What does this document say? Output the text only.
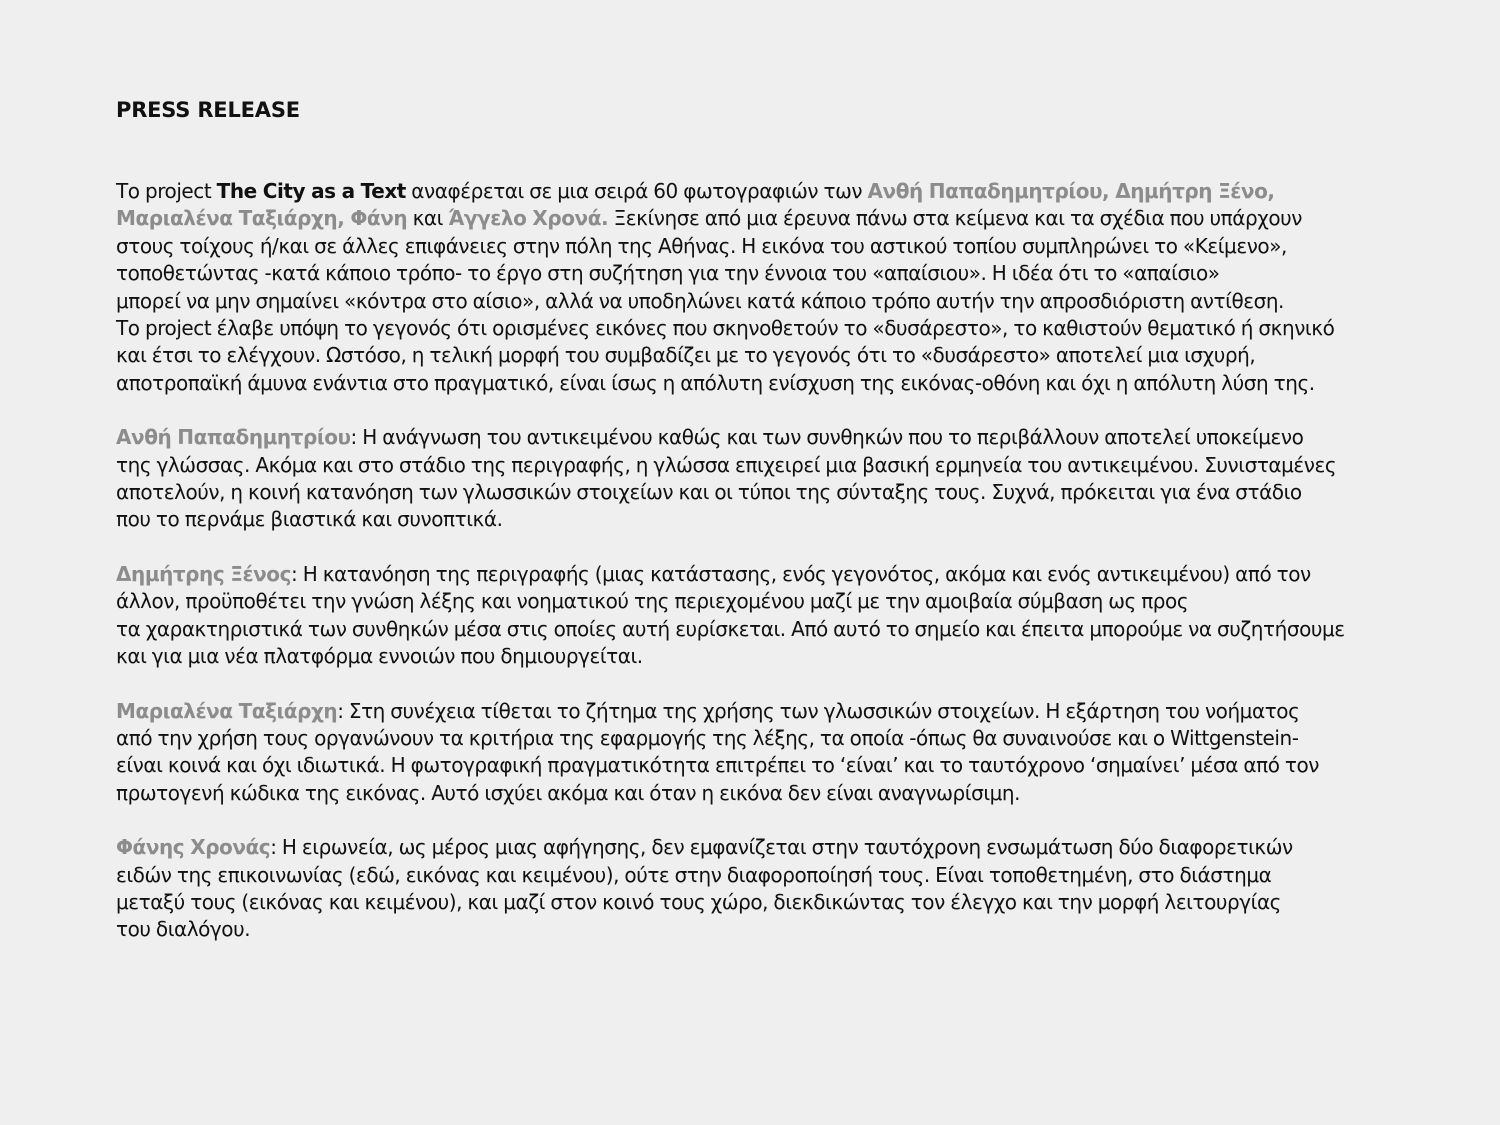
PRESS RELEASE

Το project The City as a Text αναφέρεται σε μια σειρά 60 φωτογραφιών των Ανθή Παπαδημητρίου, Δημήτρη Ξένο,
Μαριαλένα Ταξιάρχη, Φάνη και Άγγελο Χρονά. Ξεκίνησε από μια έρευνα πάνω στα κείμενα και τα σχέδια που υπάρχουν
στους τοίχους ή/και σε άλλες επιφάνειες στην πόλη της Αθήνας. Η εικόνα του αστικού τοπίου συμπληρώνει το «Κείμενο»,
τοποθετώντας -κατά κάποιο τρόπο- το έργο στη συζήτηση για την έννοια του «απαίσιου». Η ιδέα ότι το «απαίσιο»
μπορεί να μην σημαίνει «κόντρα στο αίσιο», αλλά να υποδηλώνει κατά κάποιο τρόπο αυτήν την απροσδιόριστη αντίθεση.
Το project έλαβε υπόψη το γεγονός ότι ορισμένες εικόνες που σκηνοθετούν το «δυσάρεστο», το καθιστούν θεματικό ή σκηνικό
και έτσι το ελέγχουν. Ωστόσο, η τελική μορφή του συμβαδίζει με το γεγονός ότι το «δυσάρεστο» αποτελεί μια ισχυρή,
αποτροπαϊκή άμυνα ενάντια στο πραγματικό, είναι ίσως η απόλυτη ενίσχυση της εικόνας-οθόνη και όχι η απόλυτη λύση της.

Ανθή Παπαδημητρίου: Η ανάγνωση του αντικειμένου καθώς και των συνθηκών που το περιβάλλουν αποτελεί υποκείμενο
της γλώσσας. Ακόμα και στο στάδιο της περιγραφής, η γλώσσα επιχειρεί μια βασική ερμηνεία του αντικειμένου. Συνισταμένες
αποτελούν, η κοινή κατανόηση των γλωσσικών στοιχείων και οι τύποι της σύνταξης τους. Συχνά, πρόκειται για ένα στάδιο
που το περνάμε βιαστικά και συνοπτικά.

Δημήτρης Ξένος: Η κατανόηση της περιγραφής (μιας κατάστασης, ενός γεγονότος, ακόμα και ενός αντικειμένου) από τον
άλλον, προϋποθέτει την γνώση λέξης και νοηματικού της περιεχομένου μαζί με την αμοιβαία σύμβαση ως προς
τα χαρακτηριστικά των συνθηκών μέσα στις οποίες αυτή ευρίσκεται. Από αυτό το σημείο και έπειτα μπορούμε να συζητήσουμε
και για μια νέα πλατφόρμα εννοιών που δημιουργείται.

Μαριαλένα Ταξιάρχη: Στη συνέχεια τίθεται το ζήτημα της χρήσης των γλωσσικών στοιχείων. Η εξάρτηση του νοήματος
από την χρήση τους οργανώνουν τα κριτήρια της εφαρμογής της λέξης, τα οποία -όπως θα συναινούσε και ο Wittgenstein-
είναι κοινά και όχι ιδιωτικά. Η φωτογραφική πραγματικότητα επιτρέπει το ‘είναι’ και το ταυτόχρονο ‘σημαίνει’ μέσα από τον
πρωτογενή κώδικα της εικόνας. Αυτό ισχύει ακόμα και όταν η εικόνα δεν είναι αναγνωρίσιμη.

Φάνης Χρονάς: Η ειρωνεία, ως μέρος μιας αφήγησης, δεν εμφανίζεται στην ταυτόχρονη ενσωμάτωση δύο διαφορετικών
ειδών της επικοινωνίας (εδώ, εικόνας και κειμένου), ούτε στην διαφοροποίησή τους. Είναι τοποθετημένη, στο διάστημα
μεταξύ τους (εικόνας και κειμένου), και μαζί στον κοινό τους χώρο, διεκδικώντας τον έλεγχο και την μορφή λειτουργίας
του διαλόγου.
